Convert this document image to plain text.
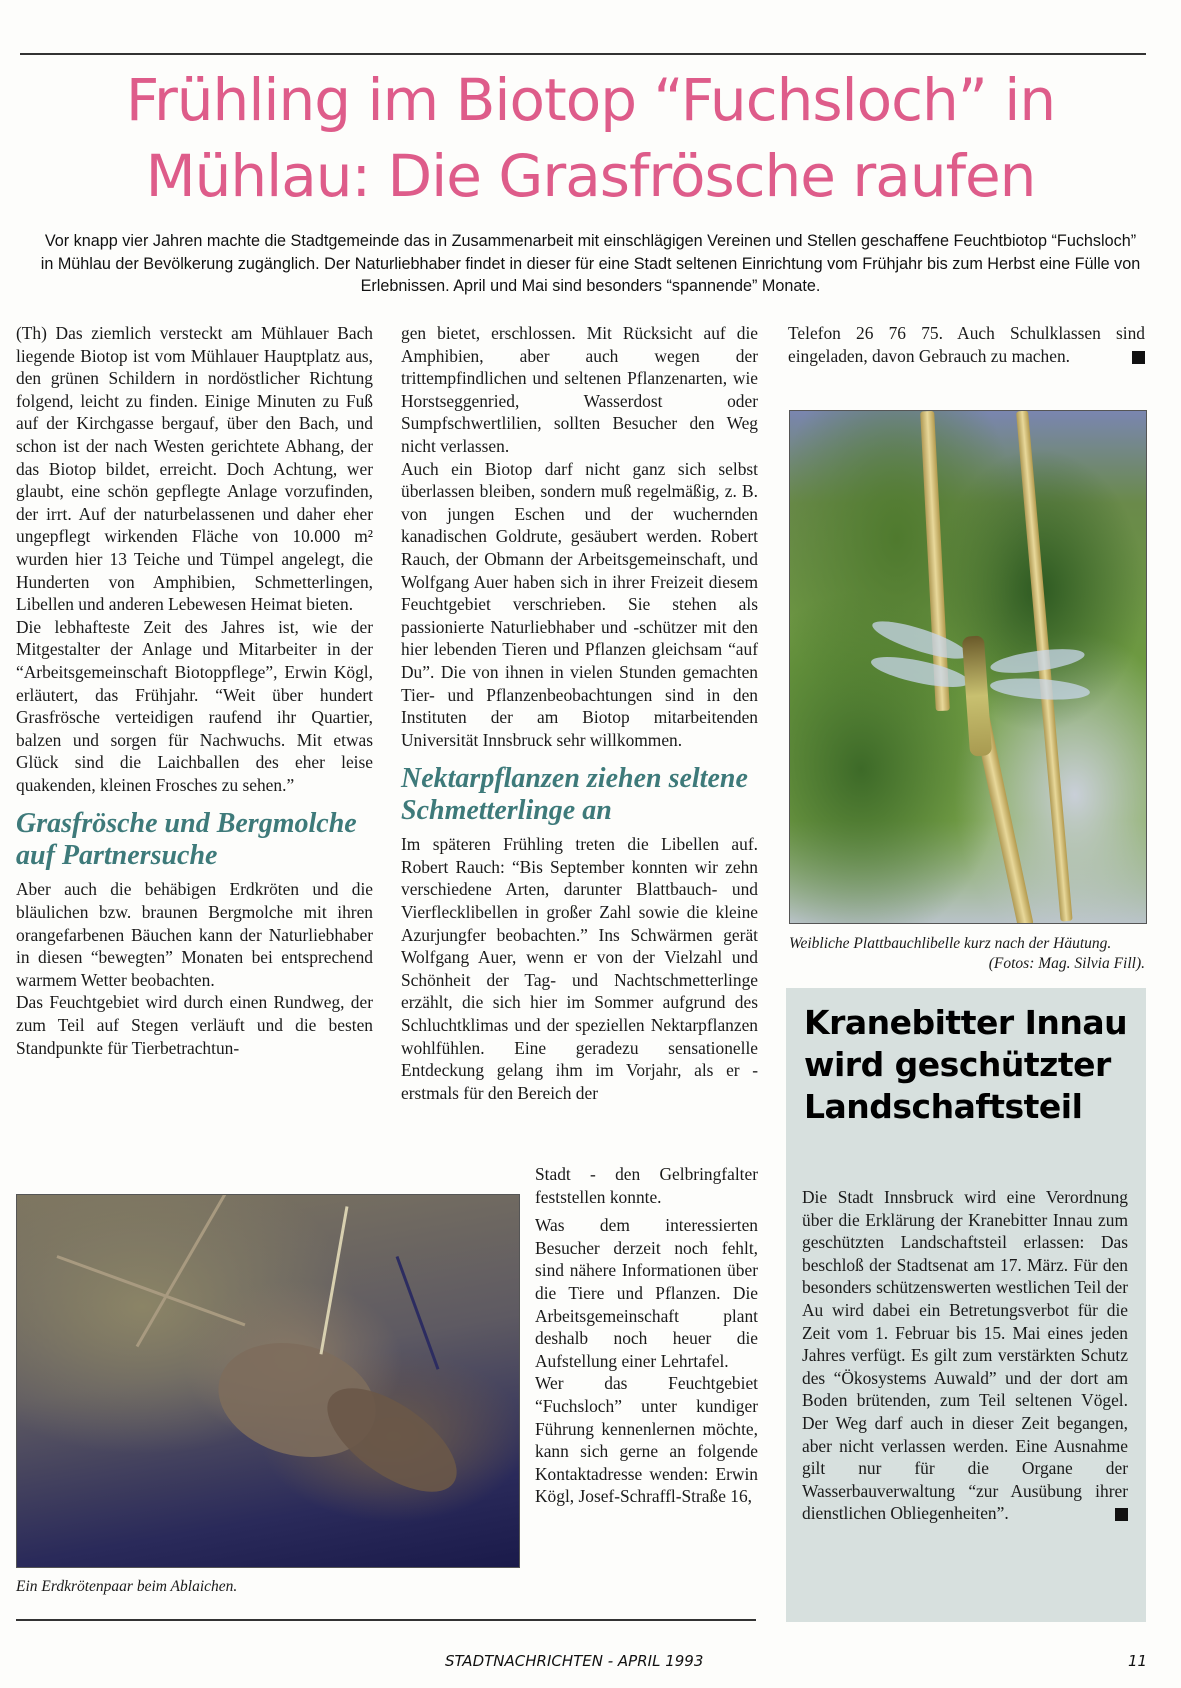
Frühling im Biotop “Fuchsloch” in
Mühlau: Die Grasfrösche raufen
Vor knapp vier Jahren machte die Stadtgemeinde das in Zusammenarbeit mit einschlägigen Vereinen und Stellen geschaffene Feuchtbiotop “Fuchsloch” in Mühlau der Bevölkerung zugänglich. Der Naturliebhaber findet in dieser für eine Stadt seltenen Einrichtung vom Frühjahr bis zum Herbst eine Fülle von Erlebnissen. April und Mai sind besonders “spannende” Monate.

(Th) Das ziemlich versteckt am Mühlauer Bach liegende Biotop ist vom Mühlauer Hauptplatz aus, den grünen Schildern in nordöstlicher Richtung folgend, leicht zu finden. Einige Minuten zu Fuß auf der Kirchgasse bergauf, über den Bach, und schon ist der nach Westen gerichtete Abhang, der das Biotop bildet, erreicht. Doch Achtung, wer glaubt, eine schön gepflegte Anlage vorzufinden, der irrt. Auf der naturbelassenen und daher eher ungepflegt wirkenden Fläche von 10.000 m² wurden hier 13 Teiche und Tümpel angelegt, die Hunderten von Amphibien, Schmetterlingen, Libellen und anderen Lebewesen Heimat bieten.

Die lebhafteste Zeit des Jahres ist, wie der Mitgestalter der Anlage und Mitarbeiter in der “Arbeitsgemeinschaft Biotoppflege”, Erwin Kögl, erläutert, das Frühjahr. “Weit über hundert Grasfrösche verteidigen raufend ihr Quartier, balzen und sorgen für Nachwuchs. Mit etwas Glück sind die Laichballen des eher leise quakenden, kleinen Frosches zu sehen.”

Grasfrösche und Bergmolche auf Partnersuche

Aber auch die behäbigen Erdkröten und die bläulichen bzw. braunen Bergmolche mit ihren orangefarbenen Bäuchen kann der Naturliebhaber in diesen “bewegten” Monaten bei entsprechend warmem Wetter beobachten.

Das Feuchtgebiet wird durch einen Rundweg, der zum Teil auf Stegen verläuft und die besten Standpunkte für Tierbetrachtun-

gen bietet, erschlossen. Mit Rücksicht auf die Amphibien, aber auch wegen der trittempfindlichen und seltenen Pflanzenarten, wie Horstseggenried, Wasserdost oder Sumpfschwertlilien, sollten Besucher den Weg nicht verlassen.

Auch ein Biotop darf nicht ganz sich selbst überlassen bleiben, sondern muß regelmäßig, z. B. von jungen Eschen und der wuchernden kanadischen Goldrute, gesäubert werden. Robert Rauch, der Obmann der Arbeitsgemeinschaft, und Wolfgang Auer haben sich in ihrer Freizeit diesem Feuchtgebiet verschrieben. Sie stehen als passionierte Naturliebhaber und -schützer mit den hier lebenden Tieren und Pflanzen gleichsam “auf Du”. Die von ihnen in vielen Stunden gemachten Tier- und Pflanzenbeobachtungen sind in den Instituten der am Biotop mitarbeitenden Universität Innsbruck sehr willkommen.

Nektarpflanzen ziehen seltene Schmetterlinge an

Im späteren Frühling treten die Libellen auf. Robert Rauch: “Bis September konnten wir zehn verschiedene Arten, darunter Blattbauch- und Vierflecklibellen in großer Zahl sowie die kleine Azurjungfer beobachten.” Ins Schwärmen gerät Wolfgang Auer, wenn er von der Vielzahl und Schönheit der Tag- und Nachtschmetterlinge erzählt, die sich hier im Sommer aufgrund des Schluchtklimas und der speziellen Nektarpflanzen wohlfühlen. Eine geradezu sensationelle Entdeckung gelang ihm im Vorjahr, als er - erstmals für den Bereich der

Stadt - den Gelbringfalter feststellen konnte.

Was dem interessierten Besucher derzeit noch fehlt, sind nähere Informationen über die Tiere und Pflanzen. Die Arbeitsgemeinschaft plant deshalb noch heuer die Aufstellung einer Lehrtafel.

Wer das Feuchtgebiet “Fuchsloch” unter kundiger Führung kennenlernen möchte, kann sich gerne an folgende Kontaktadresse wenden: Erwin Kögl, Josef-Schraffl-Straße 16,

Telefon 26 76 75. Auch Schulklassen sind eingeladen, davon Gebrauch zu machen.

Weibliche Plattbauchlibelle kurz nach der Häutung.
(Fotos: Mag. Silvia Fill).
Ein Erdkrötenpaar beim Ablaichen.
Kranebitter Innau wird geschützter Landschaftsteil
Die Stadt Innsbruck wird eine Verordnung über die Erklärung der Kranebitter Innau zum geschützten Landschaftsteil erlassen: Das beschloß der Stadtsenat am 17. März. Für den besonders schützenswerten westlichen Teil der Au wird dabei ein Betretungsverbot für die Zeit vom 1. Februar bis 15. Mai eines jeden Jahres verfügt. Es gilt zum verstärkten Schutz des “Ökosystems Auwald” und der dort am Boden brütenden, zum Teil seltenen Vögel. Der Weg darf auch in dieser Zeit begangen, aber nicht verlassen werden. Eine Ausnahme gilt nur für die Organe der Wasserbauverwaltung “zur Ausübung ihrer dienstlichen Obliegenheiten”.
STADTNACHRICHTEN - APRIL 1993	11
